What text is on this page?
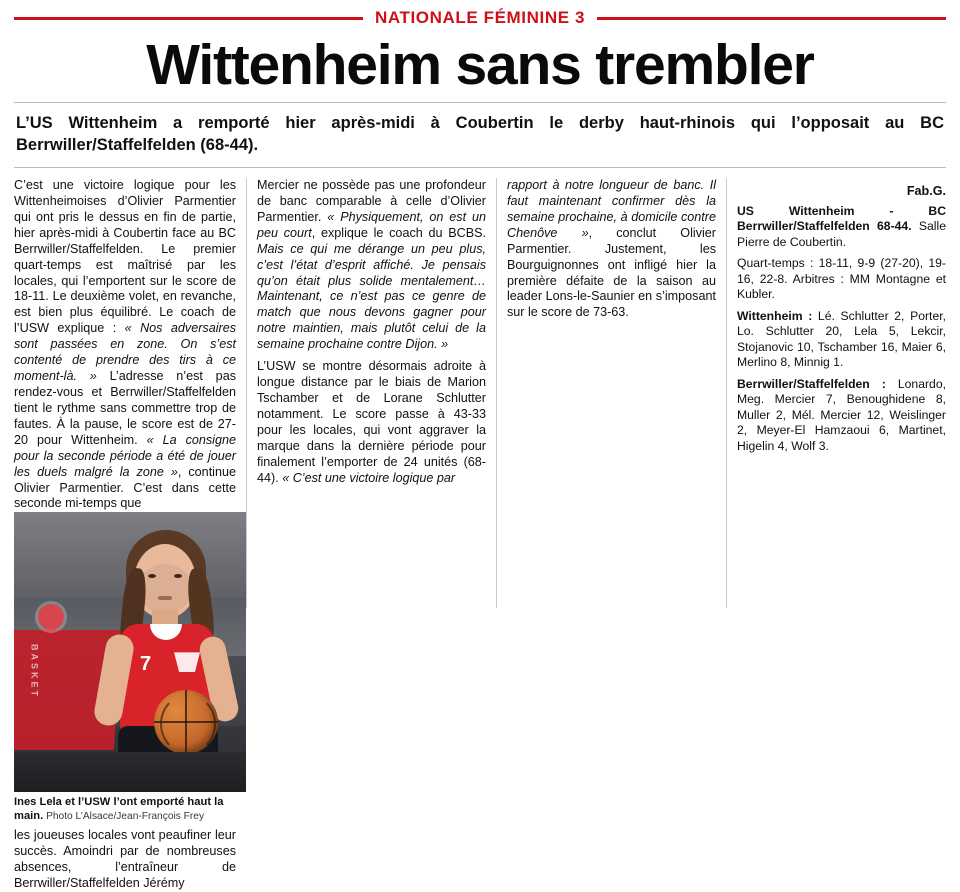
NATIONALE FÉMININE 3
Wittenheim sans trembler
L’US Wittenheim a remporté hier après-midi à Coubertin le derby haut-rhinois qui l’opposait au BC Berrwiller/Staffelfelden (68-44).

C’est une victoire logique pour les Wittenheimoises d’Olivier Parmentier qui ont pris le dessus en fin de partie, hier après-midi à Coubertin face au BC Berrwiller/Staffelfelden. Le premier quart-temps est maîtrisé par les locales, qui l’emportent sur le score de 18-11. Le deuxième volet, en revanche, est bien plus équilibré. Le coach de l’USW explique : « Nos adversaires sont passées en zone. On s’est contenté de prendre des tirs à ce moment-là. » L’adresse n’est pas rendez-vous et Berrwiller/Staffelfelden tient le rythme sans commettre trop de fautes. À la pause, le score est de 27-20 pour Wittenheim. « La consigne pour la seconde période a été de jouer les duels malgré la zone », continue Olivier Parmentier. C’est dans cette seconde mi-temps que

BASKET	7
Ines Lela et l’USW l’ont emporté haut la main. Photo L’Alsace/Jean-François Frey

les joueuses locales vont peaufiner leur succès. Amoindri par de nombreuses absences, l’entraîneur de Berrwiller/Staffelfelden Jérémy

Mercier ne possède pas une profondeur de banc comparable à celle d’Olivier Parmentier. « Physiquement, on est un peu court, explique le coach du BCBS. Mais ce qui me dérange un peu plus, c’est l’état d’esprit affiché. Je pensais qu’on était plus solide mentalement… Maintenant, ce n’est pas ce genre de match que nous devons gagner pour notre maintien, mais plutôt celui de la semaine prochaine contre Dijon. »

L’USW se montre désormais adroite à longue distance par le biais de Marion Tschamber et de Lorane Schlutter notamment. Le score passe à 43-33 pour les locales, qui vont aggraver la marque dans la dernière période pour finalement l’emporter de 24 unités (68-44). « C’est une victoire logique par

rapport à notre longueur de banc. Il faut maintenant confirmer dès la semaine prochaine, à domicile contre Chenôve », conclut Olivier Parmentier. Justement, les Bourguignonnes ont infligé hier la première défaite de la saison au leader Lons-le-Saunier en s’imposant sur le score de 73-63.

Fab.G.

US Wittenheim - BC Berrwiller/Staffelfelden 68-44. Salle Pierre de Coubertin.

Quart-temps : 18-11, 9-9 (27-20), 19-16, 22-8. Arbitres : MM Montagne et Kubler.

Wittenheim : Lé. Schlutter 2, Porter, Lo. Schlutter 20, Lela 5, Lekcir, Stojanovic 10, Tschamber 16, Maier 6, Merlino 8, Minnig 1.

Berrwiller/Staffelfelden : Lonardo, Meg. Mercier 7, Benoughidene 8, Muller 2, Mél. Mercier 12, Weislinger 2, Meyer-El Hamzaoui 6, Martinet, Higelin 4, Wolf 3.
